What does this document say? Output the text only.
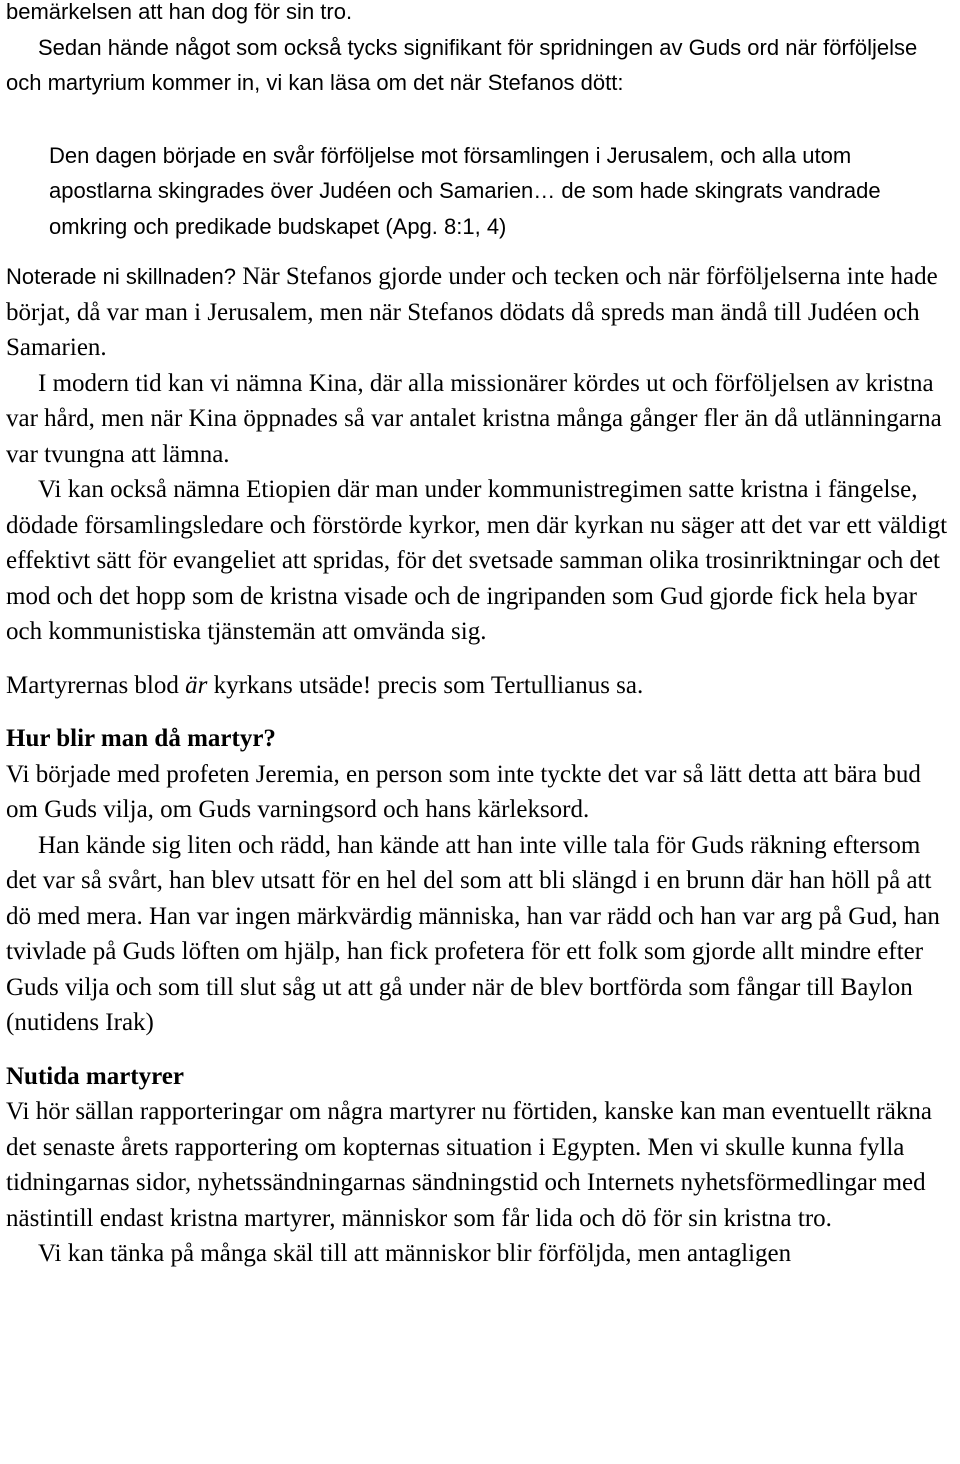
bemärkelsen att han dog för sin tro.

Sedan hände något som också tycks signifikant för spridningen av Guds ord när förföljelse och martyrium kommer in, vi kan läsa om det när Stefanos dött:

Den dagen började en svår förföljelse mot församlingen i Jerusalem, och alla utom apostlarna skingrades över Judéen och Samarien… de som hade skingrats vandrade omkring och predikade budskapet (Apg. 8:1, 4)

Noterade ni skillnaden? När Stefanos gjorde under och tecken och när förföljelserna inte hade börjat, då var man i Jerusalem, men när Stefanos dödats då spreds man ändå till Judéen och Samarien.

I modern tid kan vi nämna Kina, där alla missionärer kördes ut och förföljelsen av kristna var hård, men när Kina öppnades så var antalet kristna många gånger fler än då utlänningarna var tvungna att lämna.

Vi kan också nämna Etiopien där man under kommunistregimen satte kristna i fängelse, dödade församlingsledare och förstörde kyrkor, men där kyrkan nu säger att det var ett väldigt effektivt sätt för evangeliet att spridas, för det svetsade samman olika trosinriktningar och det mod och det hopp som de kristna visade och de ingripanden som Gud gjorde fick hela byar och kommunistiska tjänstemän att omvända sig.

Martyrernas blod är kyrkans utsäde! precis som Tertullianus sa.

Hur blir man då martyr?

Vi började med profeten Jeremia, en person som inte tyckte det var så lätt detta att bära bud om Guds vilja, om Guds varningsord och hans kärleksord.

Han kände sig liten och rädd, han kände att han inte ville tala för Guds räkning eftersom det var så svårt, han blev utsatt för en hel del som att bli slängd i en brunn där han höll på att dö med mera. Han var ingen märkvärdig människa, han var rädd och han var arg på Gud, han tvivlade på Guds löften om hjälp, han fick profetera för ett folk som gjorde allt mindre efter Guds vilja och som till slut såg ut att gå under när de blev bortförda som fångar till Baylon (nutidens Irak)

Nutida martyrer

Vi hör sällan rapporteringar om några martyrer nu förtiden, kanske kan man eventuellt räkna det senaste årets rapportering om kopternas situation i Egypten. Men vi skulle kunna fylla tidningarnas sidor, nyhetssändningarnas sändningstid och Internets nyhetsförmedlingar med nästintill endast kristna martyrer, människor som får lida och dö för sin kristna tro.

Vi kan tänka på många skäl till att människor blir förföljda, men antagligen
